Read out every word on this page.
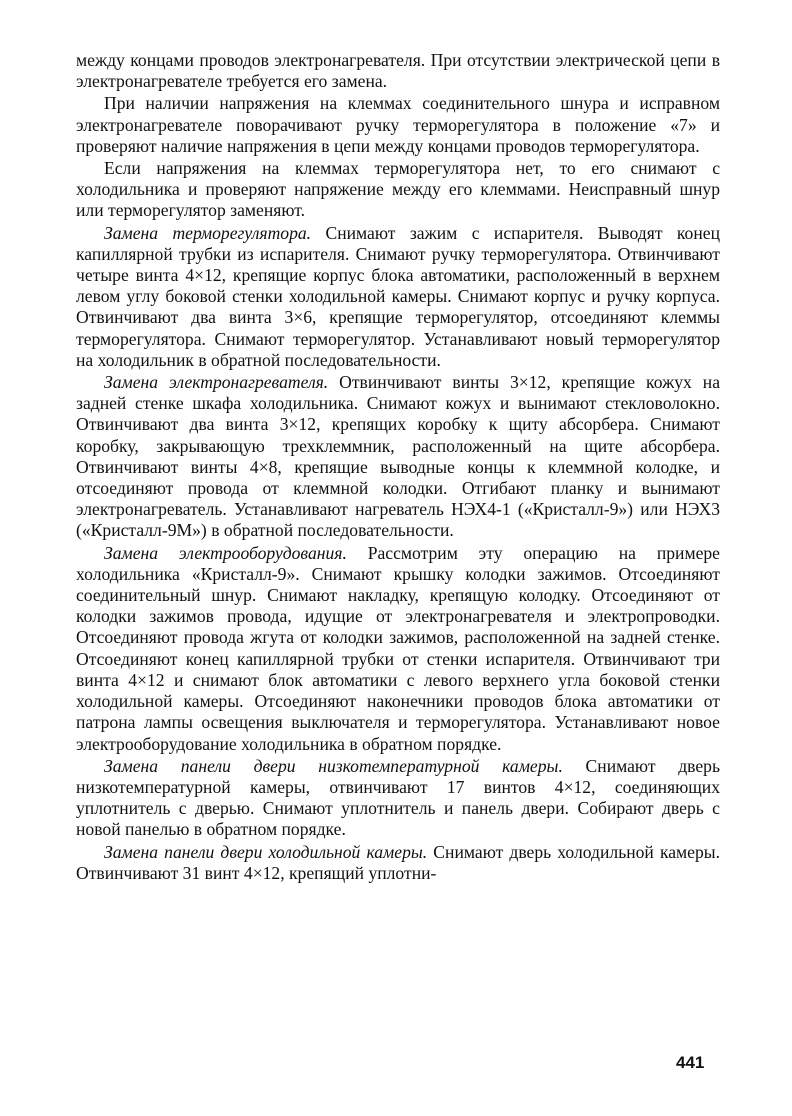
между концами проводов электронагревателя. При отсутствии электрической цепи в электронагревателе требуется его замена.

При наличии напряжения на клеммах соединительного шнура и исправном электронагревателе поворачивают ручку терморегулятора в положение «7» и проверяют наличие напряжения в цепи между концами проводов терморегулятора.

Если напряжения на клеммах терморегулятора нет, то его снимают с холодильника и проверяют напряжение между его клеммами. Неисправный шнур или терморегулятор заменяют.

Замена терморегулятора. Снимают зажим с испарителя. Выводят конец капиллярной трубки из испарителя. Снимают ручку терморегулятора. Отвинчивают четыре винта 4×12, крепящие корпус блока автоматики, расположенный в верхнем левом углу боковой стенки холодильной камеры. Снимают корпус и ручку корпуса. Отвинчивают два винта 3×6, крепящие терморегулятор, отсоединяют клеммы терморегулятора. Снимают терморегулятор. Устанавливают новый терморегулятор на холодильник в обратной последовательности.

Замена электронагревателя. Отвинчивают винты 3×12, крепящие кожух на задней стенке шкафа холодильника. Снимают кожух и вынимают стекловолокно. Отвинчивают два винта 3×12, крепящих коробку к щиту абсорбера. Снимают коробку, закрывающую трехклеммник, расположенный на щите абсорбера. Отвинчивают винты 4×8, крепящие выводные концы к клеммной колодке, и отсоединяют провода от клеммной колодки. Отгибают планку и вынимают электронагреватель. Устанавливают нагреватель НЭХ4-1 («Кристалл-9») или НЭХ3 («Кристалл-9М») в обратной последовательности.

Замена электрооборудования. Рассмотрим эту операцию на примере холодильника «Кристалл-9». Снимают крышку колодки зажимов. Отсоединяют соединительный шнур. Снимают накладку, крепящую колодку. Отсоединяют от колодки зажимов провода, идущие от электронагревателя и электропроводки. Отсоединяют провода жгута от колодки зажимов, расположенной на задней стенке. Отсоединяют конец капиллярной трубки от стенки испарителя. Отвинчивают три винта 4×12 и снимают блок автоматики с левого верхнего угла боковой стенки холодильной камеры. Отсоединяют наконечники проводов блока автоматики от патрона лампы освещения выключателя и терморегулятора. Устанавливают новое электрооборудование холодильника в обратном порядке.

Замена панели двери низкотемпературной камеры. Снимают дверь низкотемпературной камеры, отвинчивают 17 винтов 4×12, соединяющих уплотнитель с дверью. Снимают уплотнитель и панель двери. Собирают дверь с новой панелью в обратном порядке.

Замена панели двери холодильной камеры. Снимают дверь холодильной камеры. Отвинчивают 31 винт 4×12, крепящий уплотни-

441
